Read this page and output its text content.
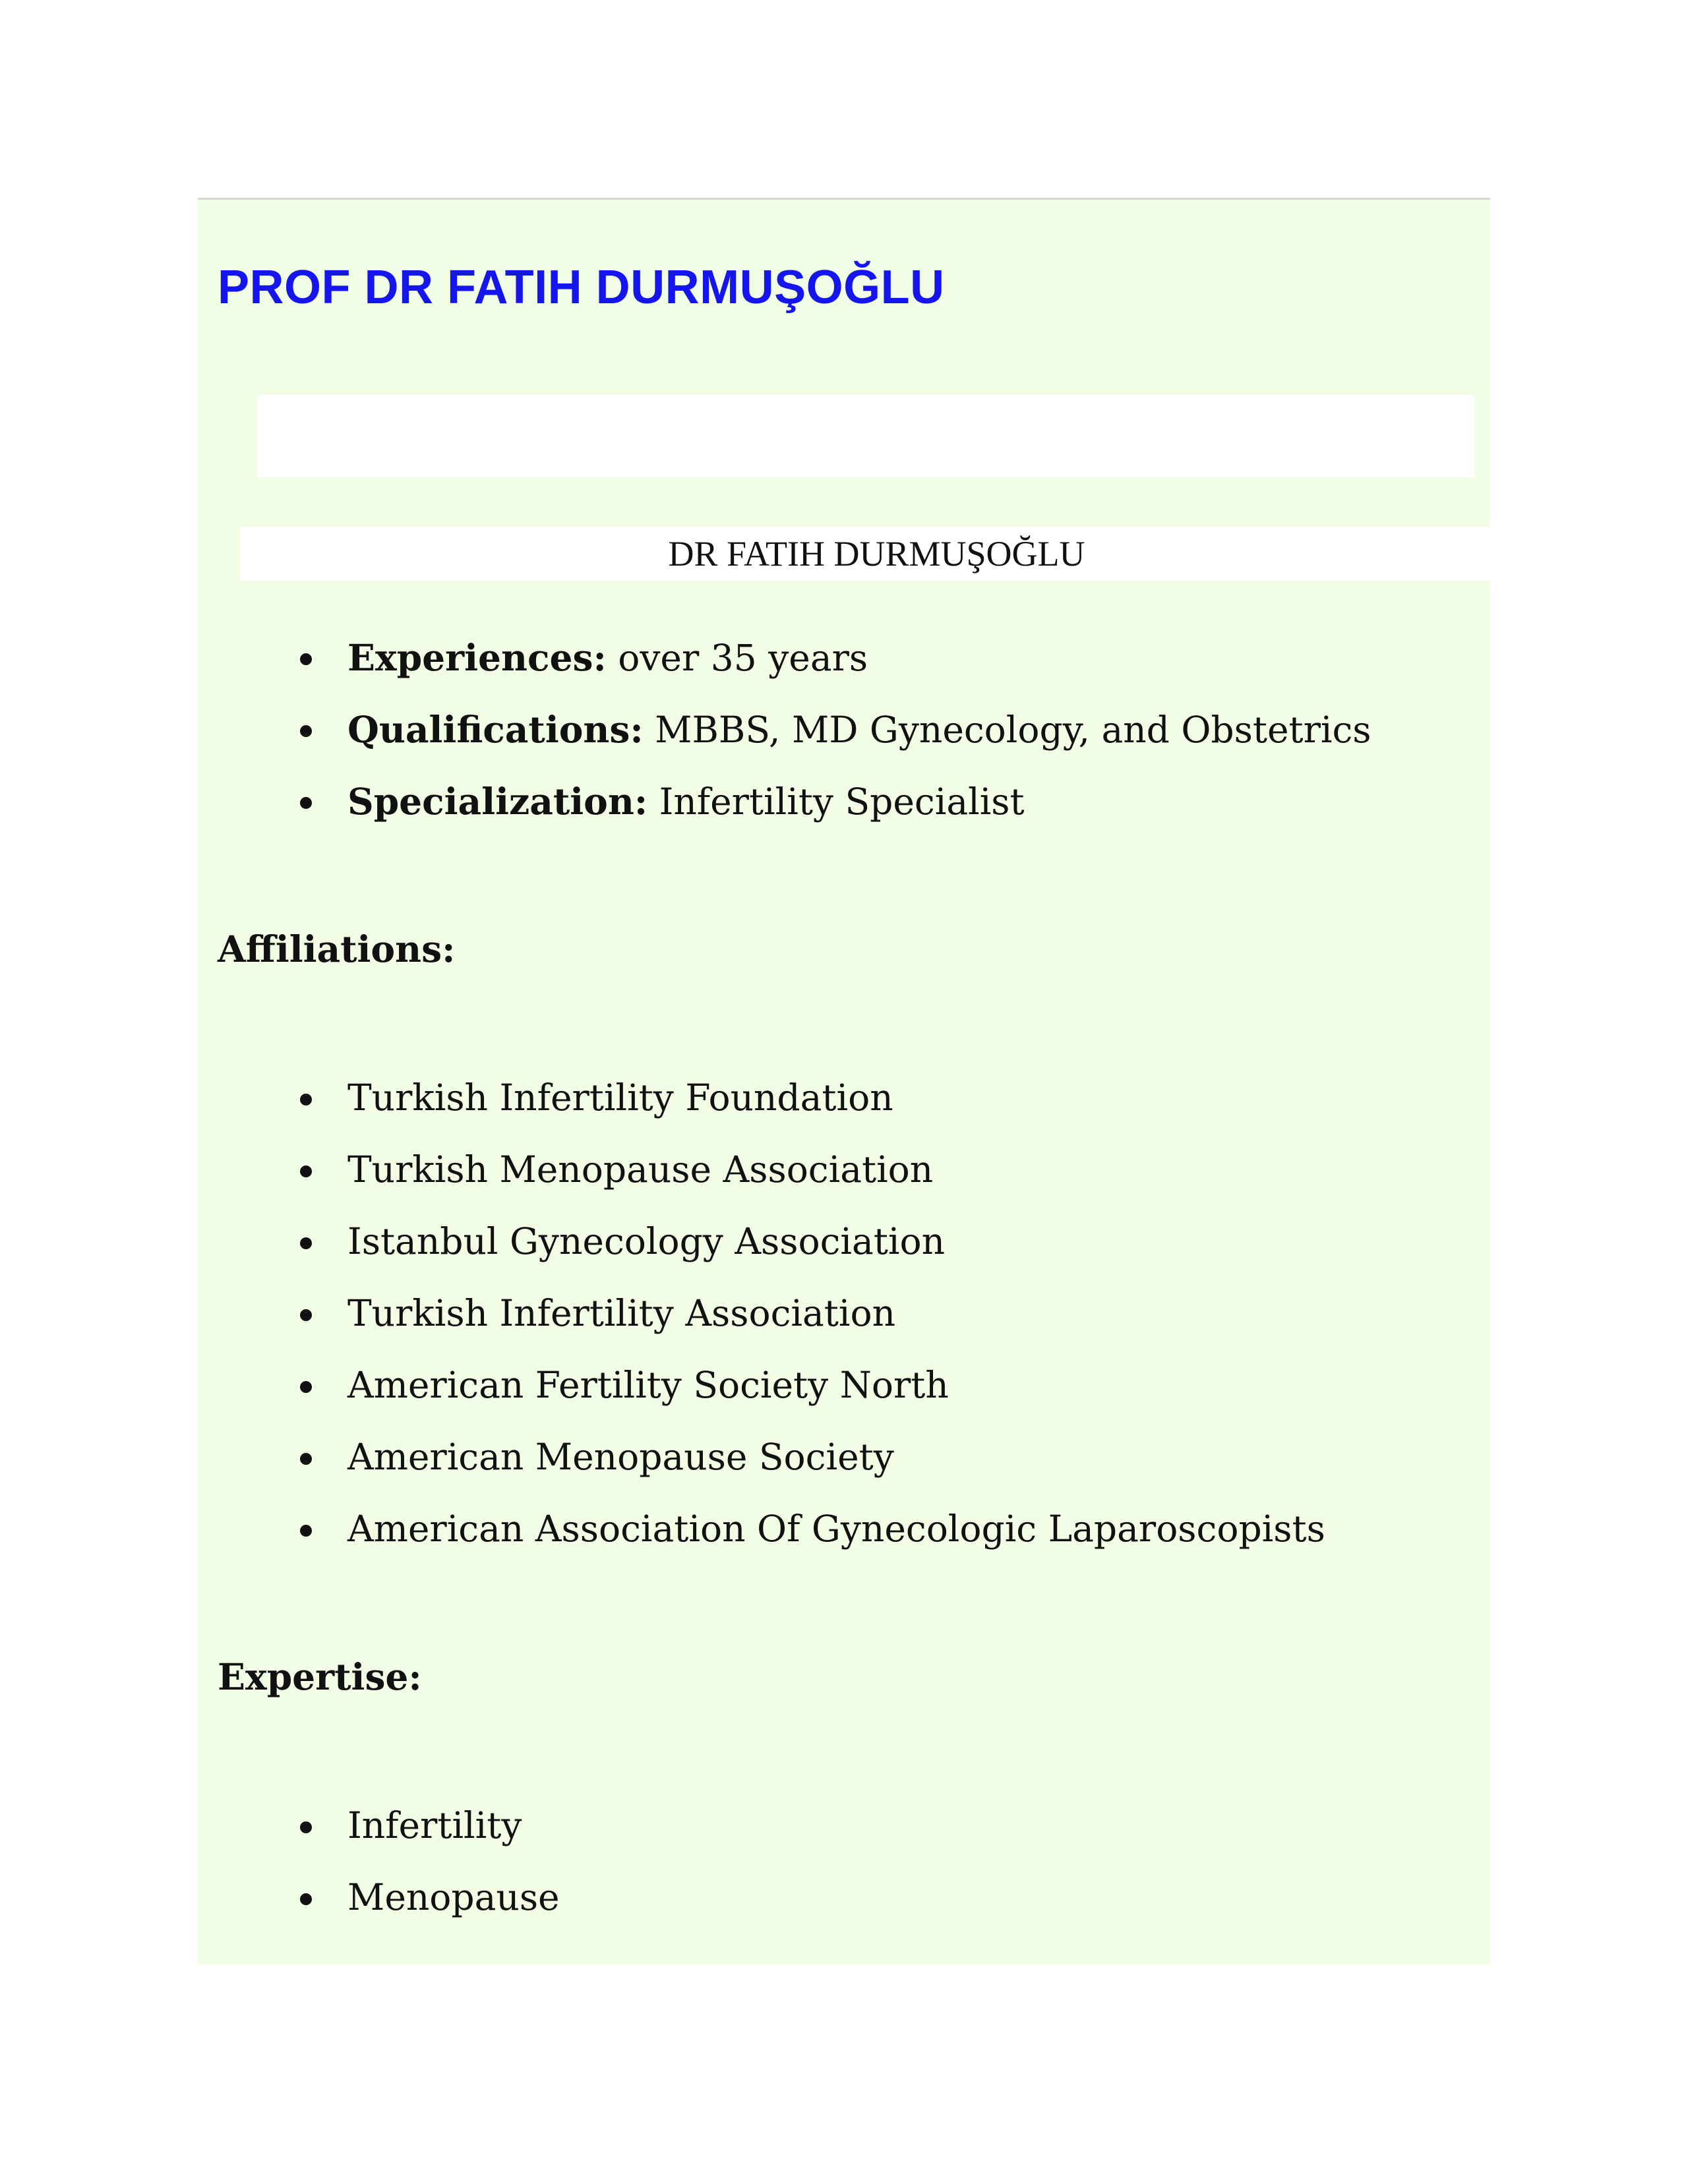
PROF DR FATIH DURMUŞOĞLU
DR FATIH DURMUŞOĞLU
Experiences: over 35 years
Qualifications: MBBS, MD Gynecology, and Obstetrics
Specialization: Infertility Specialist
Affiliations:
Turkish Infertility Foundation
Turkish Menopause Association
Istanbul Gynecology Association
Turkish Infertility Association
American Fertility Society North
American Menopause Society
American Association Of Gynecologic Laparoscopists
Expertise:
Infertility
Menopause
